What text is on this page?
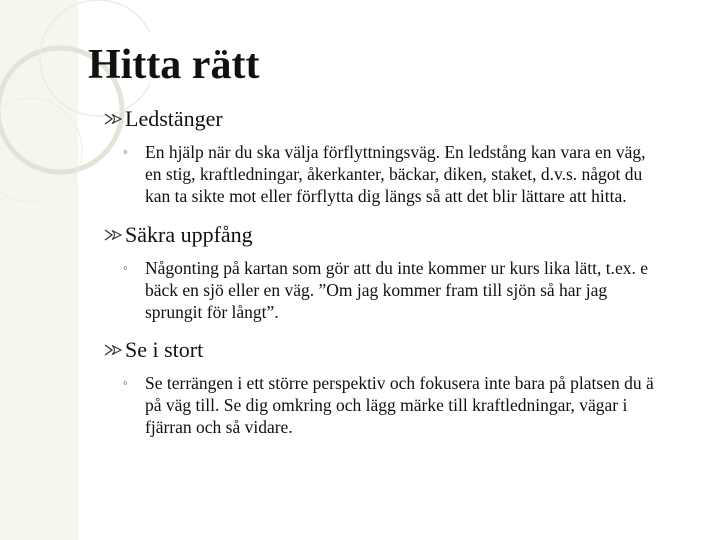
Hitta rätt
Ledstänger
◦ En hjälp när du ska välja förflyttningsväg. En ledstång kan vara en väg,
en stig, kraftledningar, åkerkanter, bäckar, diken, staket, d.v.s. något du
kan ta sikte mot eller förflytta dig längs så att det blir lättare att hitta.
Säkra uppfång
◦ Någonting på kartan som gör att du inte kommer ur kurs lika lätt, t.ex. e
bäck en sjö eller en väg. ”Om jag kommer fram till sjön så har jag
sprungit för långt”.
Se i stort
◦ Se terrängen i ett större perspektiv och fokusera inte bara på platsen du ä
på väg till. Se dig omkring och lägg märke till kraftledningar, vägar i
fjärran och så vidare.
